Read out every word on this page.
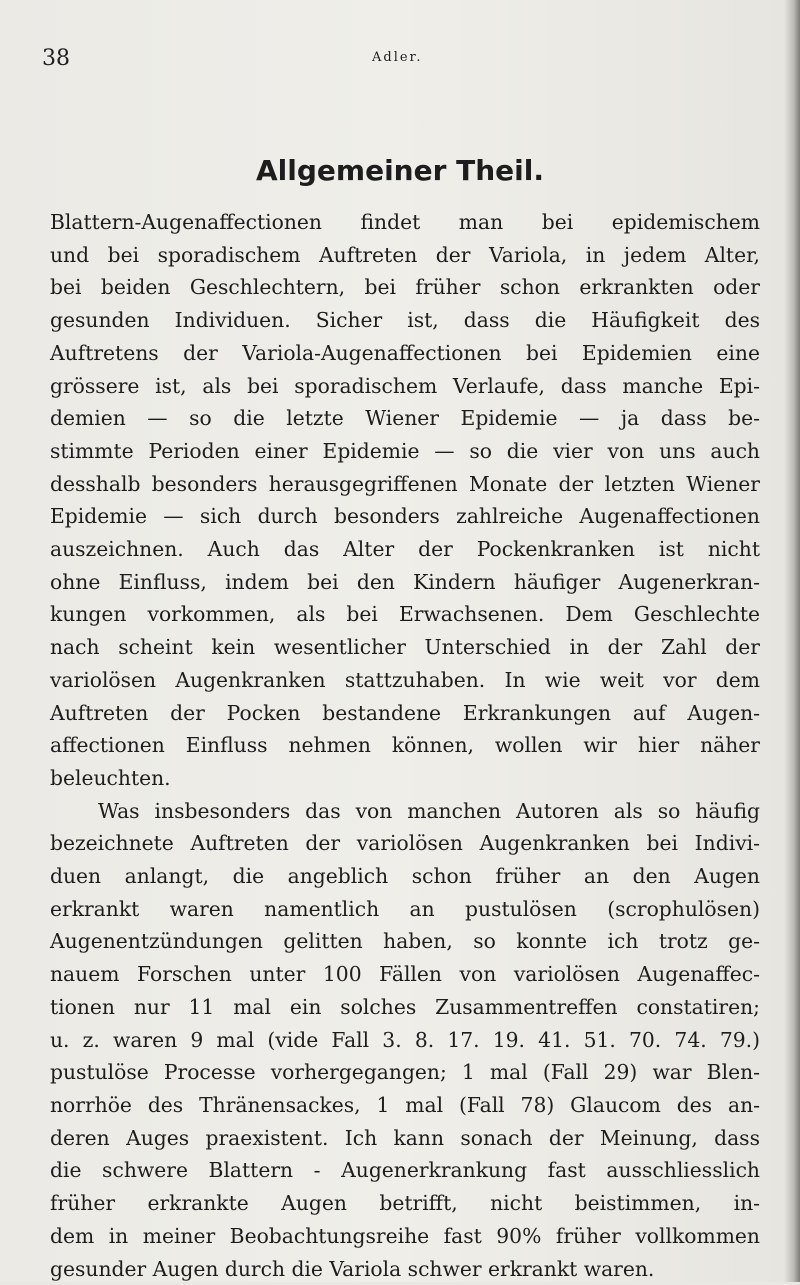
38	Adler.
Allgemeiner Theil.
Blattern-Augenaffectionen findet man bei epidemischem
und bei sporadischem Auftreten der Variola, in jedem Alter,
bei beiden Geschlechtern, bei früher schon erkrankten oder
gesunden Individuen. Sicher ist, dass die Häufigkeit des
Auftretens der Variola-Augenaffectionen bei Epidemien eine
grössere ist, als bei sporadischem Verlaufe, dass manche Epi-
demien — so die letzte Wiener Epidemie — ja dass be-
stimmte Perioden einer Epidemie — so die vier von uns auch
desshalb besonders herausgegriffenen Monate der letzten Wiener
Epidemie — sich durch besonders zahlreiche Augenaffectionen
auszeichnen. Auch das Alter der Pockenkranken ist nicht
ohne Einfluss, indem bei den Kindern häufiger Augenerkran-
kungen vorkommen, als bei Erwachsenen. Dem Geschlechte
nach scheint kein wesentlicher Unterschied in der Zahl der
variolösen Augenkranken stattzuhaben. In wie weit vor dem
Auftreten der Pocken bestandene Erkrankungen auf Augen-
affectionen Einfluss nehmen können, wollen wir hier näher
beleuchten.
Was insbesonders das von manchen Autoren als so häufig
bezeichnete Auftreten der variolösen Augenkranken bei Indivi-
duen anlangt, die angeblich schon früher an den Augen
erkrankt waren namentlich an pustulösen (scrophulösen)
Augenentzündungen gelitten haben, so konnte ich trotz ge-
nauem Forschen unter 100 Fällen von variolösen Augenaffec-
tionen nur 11 mal ein solches Zusammentreffen constatiren;
u. z. waren 9 mal (vide Fall 3. 8. 17. 19. 41. 51. 70. 74. 79.)
pustulöse Processe vorhergegangen; 1 mal (Fall 29) war Blen-
norrhöe des Thränensackes, 1 mal (Fall 78) Glaucom des an-
deren Auges praexistent. Ich kann sonach der Meinung, dass
die schwere Blattern - Augenerkrankung fast ausschliesslich
früher erkrankte Augen betrifft, nicht beistimmen, in-
dem in meiner Beobachtungsreihe fast 90% früher vollkommen
gesunder Augen durch die Variola schwer erkrankt waren.
